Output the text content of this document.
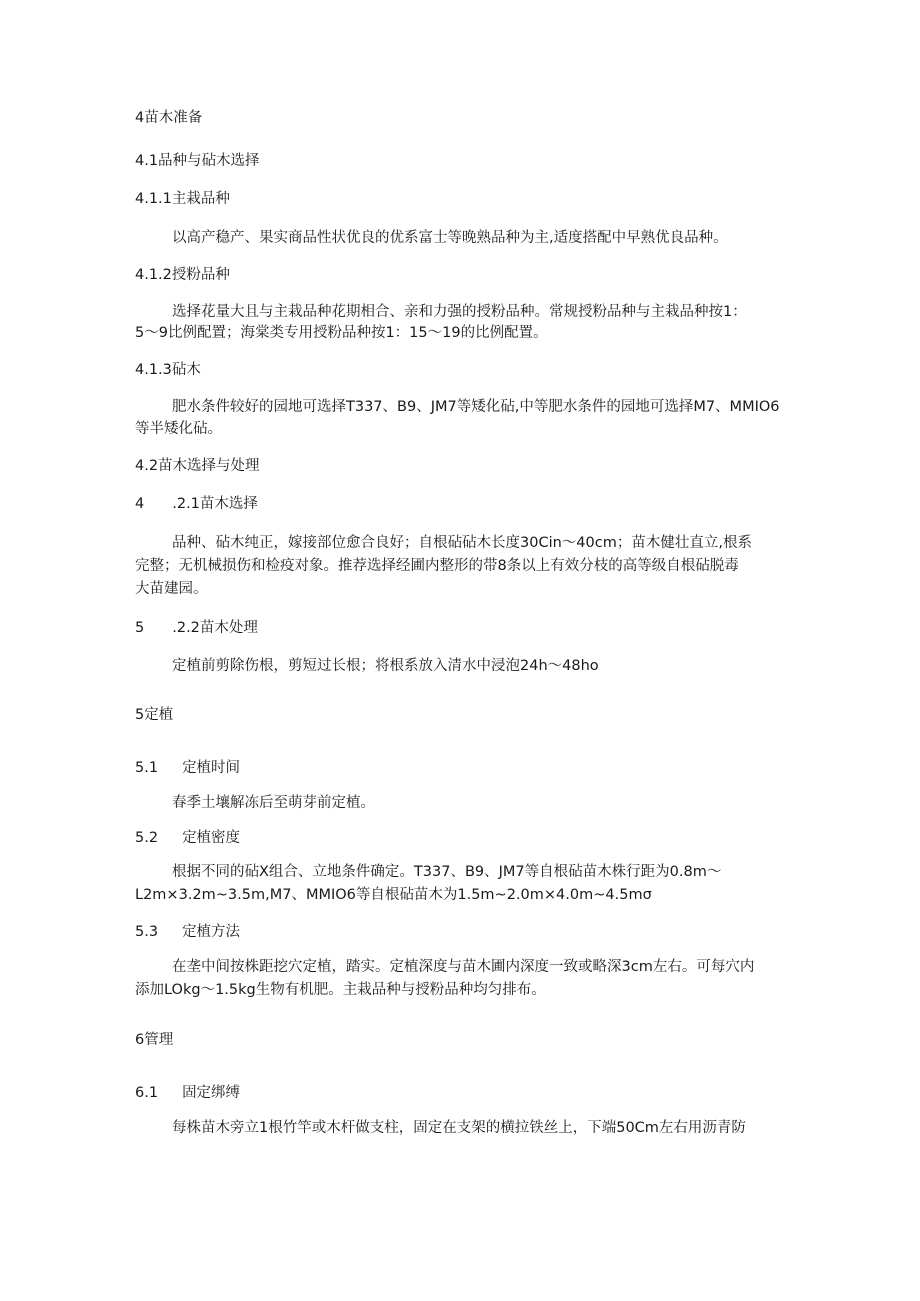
4苗木准备
4.1品种与砧木选择
4.1.1主栽品种
以高产稳产、果实商品性状优良的优系富士等晚熟品种为主,适度搭配中早熟优良品种。
4.1.2授粉品种
选择花量大且与主栽品种花期相合、亲和力强的授粉品种。常规授粉品种与主栽品种按1：
5～9比例配置；海棠类专用授粉品种按1：15～19的比例配置。
4.1.3砧木
肥水条件较好的园地可选择T337、B9、JM7等矮化砧,中等肥水条件的园地可选择M7、MMIO6
等半矮化砧。
4.2苗木选择与处理
4 .2.1苗木选择
品种、砧木纯正，嫁接部位愈合良好；自根砧砧木长度30Cin～40cm；苗木健壮直立,根系
完整；无机械损伤和检疫对象。推荐选择经圃内整形的带8条以上有效分枝的高等级自根砧脱毒
大苗建园。
5 .2.2苗木处理
定植前剪除伤根，剪短过长根；将根系放入清水中浸泡24h～48ho
5定植
5.1 定植时间
春季土壤解冻后至萌芽前定植。
5.2 定植密度
根据不同的砧X组合、立地条件确定。T337、B9、JM7等自根砧苗木株行距为0.8m～
L2m×3.2m~3.5m,M7、MMIO6等自根砧苗木为1.5m~2.0m×4.0m~4.5mσ
5.3 定植方法
在垄中间按株距挖穴定植，踏实。定植深度与苗木圃内深度一致或略深3cm左右。可每穴内
添加LOkg～1.5kg生物有机肥。主栽品种与授粉品种均匀排布。
6管理
6.1 固定绑缚
每株苗木旁立1根竹竿或木杆做支柱，固定在支架的横拉铁丝上，下端50Cm左右用沥青防
